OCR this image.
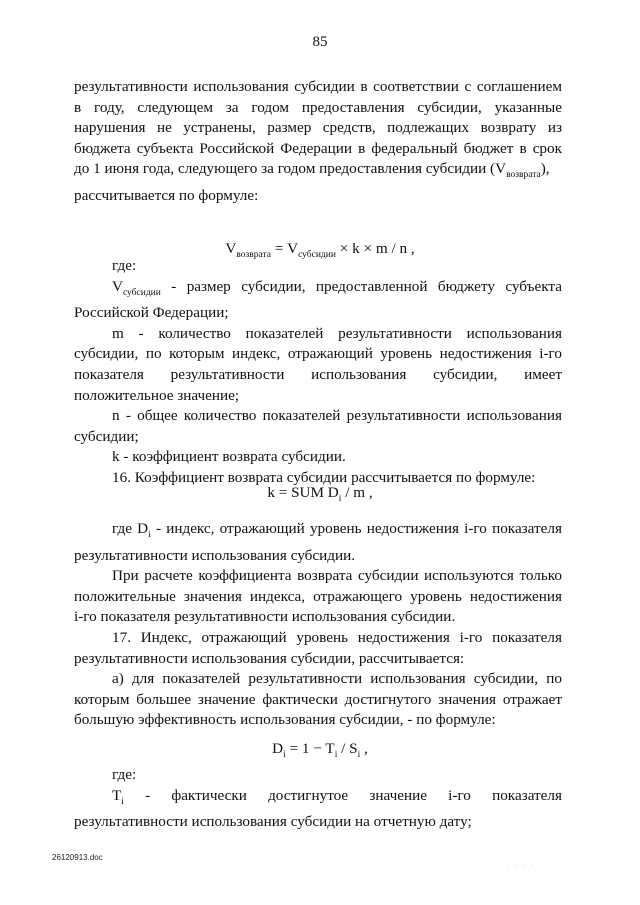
85

результативности использования субсидии в соответствии с соглашением

в году, следующем за годом предоставления субсидии, указанные

нарушения не устранены, размер средств, подлежащих возврату из

бюджета субъекта Российской Федерации в федеральный бюджет в срок

до 1 июня года, следующего за годом предоставления субсидии $(V_{возврата})$,

рассчитывается по формуле:

$V_{возврата} = V_{субсидии} \times k \times m / n$ ,

где:

$V_{субсидии}$ - размер субсидии, предоставленной бюджету субъекта

Российской Федерации;

m - количество показателей результативности использования

субсидии, по которым индекс, отражающий уровень недостижения i-го

показателя результативности использования субсидии, имеет

положительное значение;

n - общее количество показателей результативности использования

субсидии;

k - коэффициент возврата субсидии.

16. Коэффициент возврата субсидии рассчитывается по формуле:

k = SUM $D_i$ / m ,

где $D_i$ - индекс, отражающий уровень недостижения i-го показателя

результативности использования субсидии.

При расчете коэффициента возврата субсидии используются только

положительные значения индекса, отражающего уровень недостижения

i-го показателя результативности использования субсидии.

17. Индекс, отражающий уровень недостижения i-го показателя

результативности использования субсидии, рассчитывается:

а) для показателей результативности использования субсидии, по

которым большее значение фактически достигнутого значения отражает

большую эффективность использования субсидии, - по формуле:

$D_i = 1 - T_i / S_i$ ,

где:

$T_i$ - фактически достигнутое значение i-го показателя

результативности использования субсидии на отчетную дату;

26120913.doc
· · · ·
